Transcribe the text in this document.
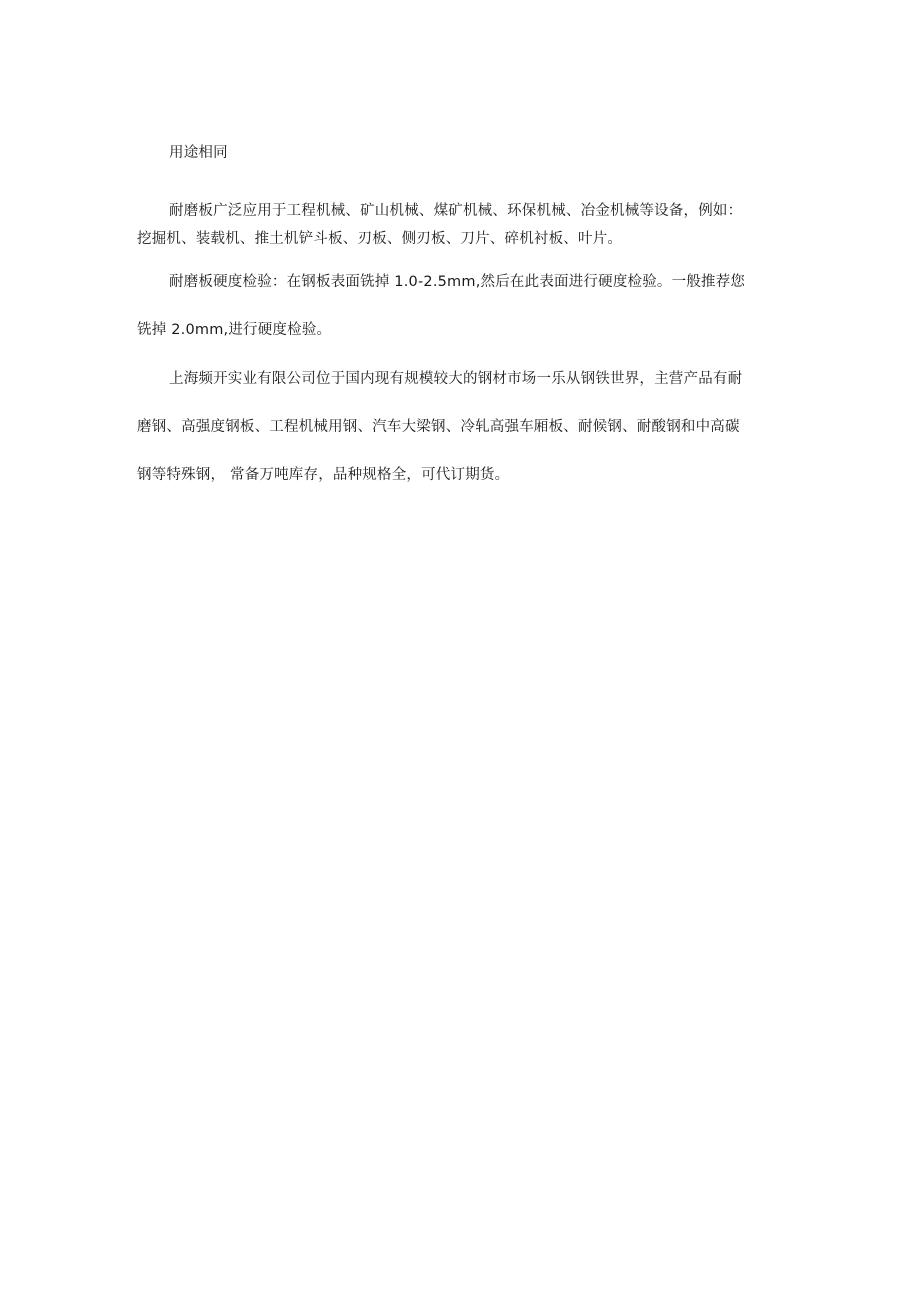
用途相同
耐磨板广泛应用于工程机械、矿山机械、煤矿机械、环保机械、冶金机械等设备，例如：
挖掘机、装载机、推土机铲斗板、刃板、侧刃板、刀片、碎机衬板、叶片。
耐磨板硬度检验：在钢板表面铣掉 1.0-2.5mm,然后在此表面进行硬度检验。一般推荐您
铣掉 2.0mm,进行硬度检验。
上海频开实业有限公司位于国内现有规模较大的钢材市场一乐从钢铁世界，主营产品有耐
磨钢、高强度钢板、工程机械用钢、汽车大梁钢、冷轧高强车厢板、耐候钢、耐酸钢和中高碳
钢等特殊钢， 常备万吨库存，品种规格全，可代订期货。
